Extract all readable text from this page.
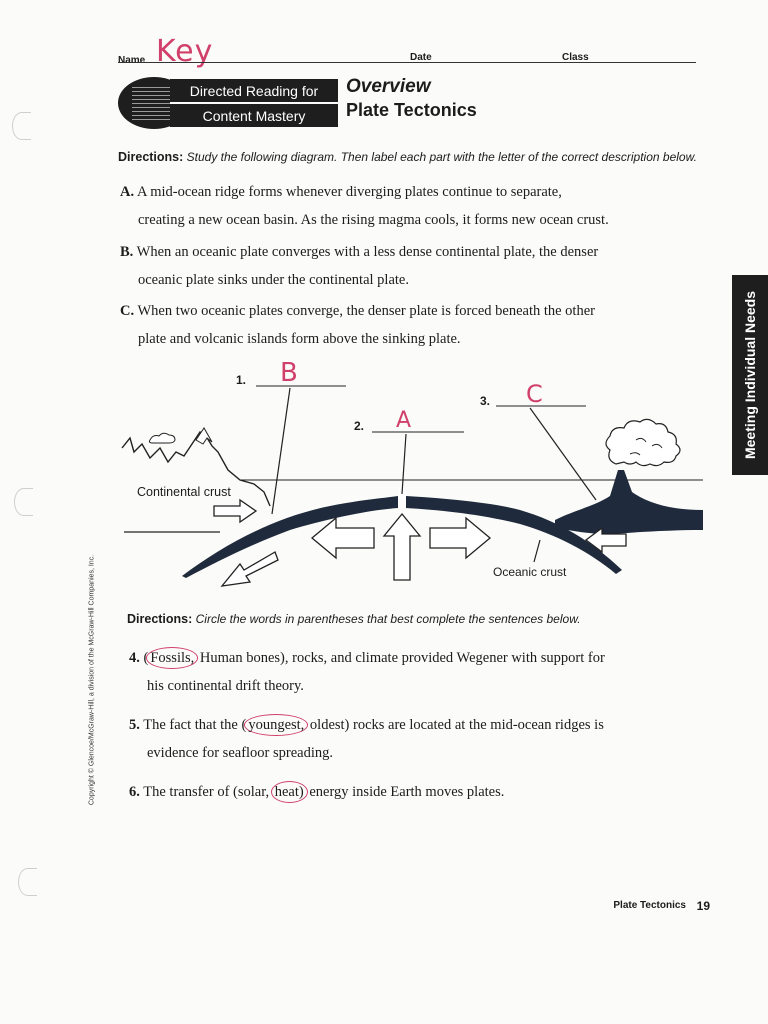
Name Key	Date	Class
Directed Reading for
Content Mastery
Overview
Plate Tectonics
Meeting Individual Needs
Copyright © Glencoe/McGraw-Hill, a division of the McGraw-Hill Companies, Inc.
Directions: Study the following diagram. Then label each part with the letter of the correct description below.
A. A mid-ocean ridge forms whenever diverging plates continue to separate,
creating a new ocean basin. As the rising magma cools, it forms new ocean crust.
B. When an oceanic plate converges with a less dense continental plate, the denser
oceanic plate sinks under the continental plate.
C. When two oceanic plates converge, the denser plate is forced beneath the other
plate and volcanic islands form above the sinking plate.
1. B
2. A
3. C
Continental crust
Oceanic crust
Directions: Circle the words in parentheses that best complete the sentences below.
4. ( Fossils, Human bones), rocks, and climate provided Wegener with support for
his continental drift theory.
5. The fact that the ( youngest, oldest) rocks are located at the mid-ocean ridges is
evidence for seafloor spreading.
6. The transfer of (solar, heat) energy inside Earth moves plates.
Plate Tectonics 19
